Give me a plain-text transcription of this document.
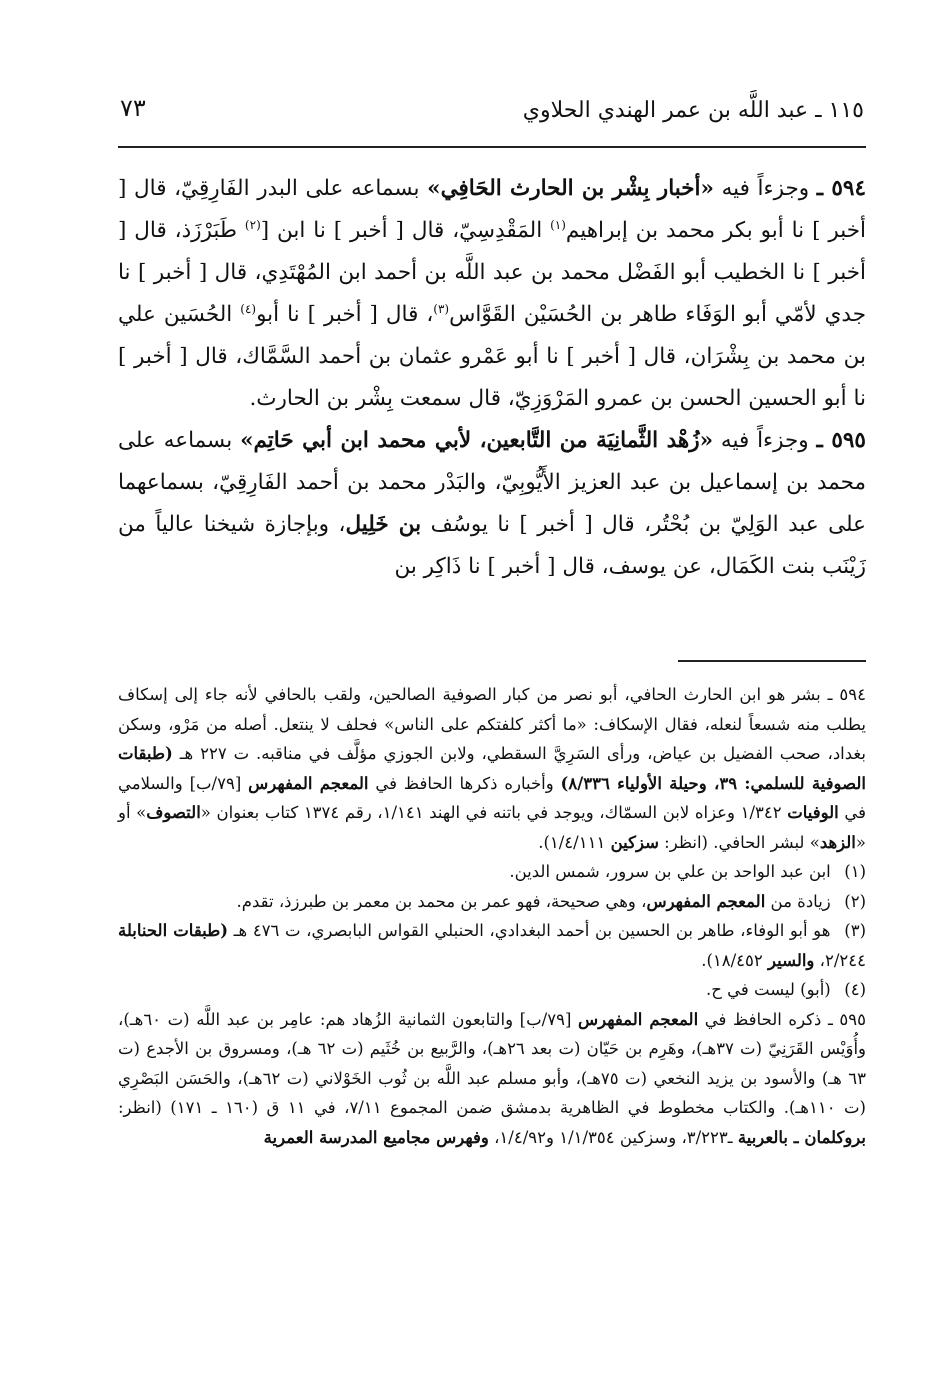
٧٣	١١٥ ـ عبد اللَّه بن عمر الهندي الحلاوي

٥٩٤ ـ وجزءاً فيه «أخبار بِشْر بن الحارث الحَافِي» بسماعه على البدر الفَارِقِيّ، قال [ أخبر ] نا أبو بكر محمد بن إبراهيم$^{(١)}$ المَقْدِسِيّ، قال [ أخبر ] نا ابن [$^{(٢)}$ طَبَرْزَذ، قال [ أخبر ] نا الخطيب أبو الفَضْل محمد بن عبد اللَّه بن أحمد ابن المُهْتَدِي، قال [ أخبر ] نا جدي لأمّي أبو الوَفَاء طاهر بن الحُسَيْن القَوَّاس$^{(٣)}$، قال [ أخبر ] نا أبو$^{(٤)}$ الحُسَين علي بن محمد بن بِشْرَان، قال [ أخبر ] نا أبو عَمْرو عثمان بن أحمد السَّمَّاك، قال [ أخبر ] نا أبو الحسين الحسن بن عمرو المَرْوَزِيّ، قال سمعت بِشْر بن الحارث.

٥٩٥ ـ وجزءاً فيه «زُهْد الثَّمانِيَة من التَّابعين، لأبي محمد ابن أبي حَاتِم» بسماعه على محمد بن إسماعيل بن عبد العزيز الأَيُّوبِيّ، والبَدْر محمد بن أحمد الفَارِقِيّ، بسماعهما على عبد الوَلِيّ بن بُحْتُر، قال [ أخبر ] نا يوسُف بن خَلِيل، وبإجازة شيخنا عالياً من زَيْنَب بنت الكَمَال، عن يوسف، قال [ أخبر ] نا ذَاكِر بن

٥٩٤ ـ بشر هو ابن الحارث الحافي، أبو نصر من كبار الصوفية الصالحين، ولقب بالحافي لأنه جاء إلى إسكاف يطلب منه شسعاً لنعله، فقال الإسكاف: «ما أكثر كلفتكم على الناس» فحلف لا ينتعل. أصله من مَرْو، وسكن بغداد، صحب الفضيل بن عياض، ورأى السَرِيَّ السقطي، ولابن الجوزي مؤلَّف في مناقبه. ت ٢٢٧ هـ (طبقات الصوفية للسلمي: ٣٩، وحيلة الأولياء ٨/٣٣٦) وأخباره ذكرها الحافظ في المعجم المفهرس [٧٩/ب] والسلامي في الوفيات ١/٣٤٢ وعزاه لابن السمّاك، ويوجد في باتنه في الهند ١/١٤١، رقم ١٣٧٤ كتاب بعنوان «التصوف» أو «الزهد» لبشر الحافي. (انظر: سزكين ١/٤/١١١).

(١) ابن عبد الواحد بن علي بن سرور، شمس الدين.

(٢) زيادة من المعجم المفهرس، وهي صحيحة، فهو عمر بن محمد بن معمر بن طبرزذ، تقدم.

(٣) هو أبو الوفاء، طاهر بن الحسين بن أحمد البغدادي، الحنبلي القواس البابصري، ت ٤٧٦ هـ (طبقات الحنابلة ٢/٢٤٤، والسير ١٨/٤٥٢).

(٤) (أبو) ليست في ح.

٥٩٥ ـ ذكره الحافظ في المعجم المفهرس [٧٩/ب] والتابعون الثمانية الزُهاد هم: عامِر بن عبد اللَّه (ت ٦٠هـ)، وأُوَيْس القَرَنِيّ (ت ٣٧هـ)، وهَرِم بن حَيّان (ت بعد ٢٦هـ)، والرَّبيع بن خُثَيم (ت ٦٢ هـ)، ومسروق بن الأجدع (ت ٦٣ هـ) والأسود بن يزيد النخعي (ت ٧٥هـ)، وأبو مسلم عبد اللَّه بن ثُوب الخَوْلاني (ت ٦٢هـ)، والحَسَن البَصْرِي (ت ١١٠هـ). والكتاب مخطوط في الظاهرية بدمشق ضمن المجموع ٧/١١، في ١١ ق (١٦٠ ـ ١٧١) (انظر: بروكلمان ـ بالعربية ـ٣/٢٢٣، وسزكين ١/١/٣٥٤ و١/٤/٩٢، وفهرس مجاميع المدرسة العمرية
